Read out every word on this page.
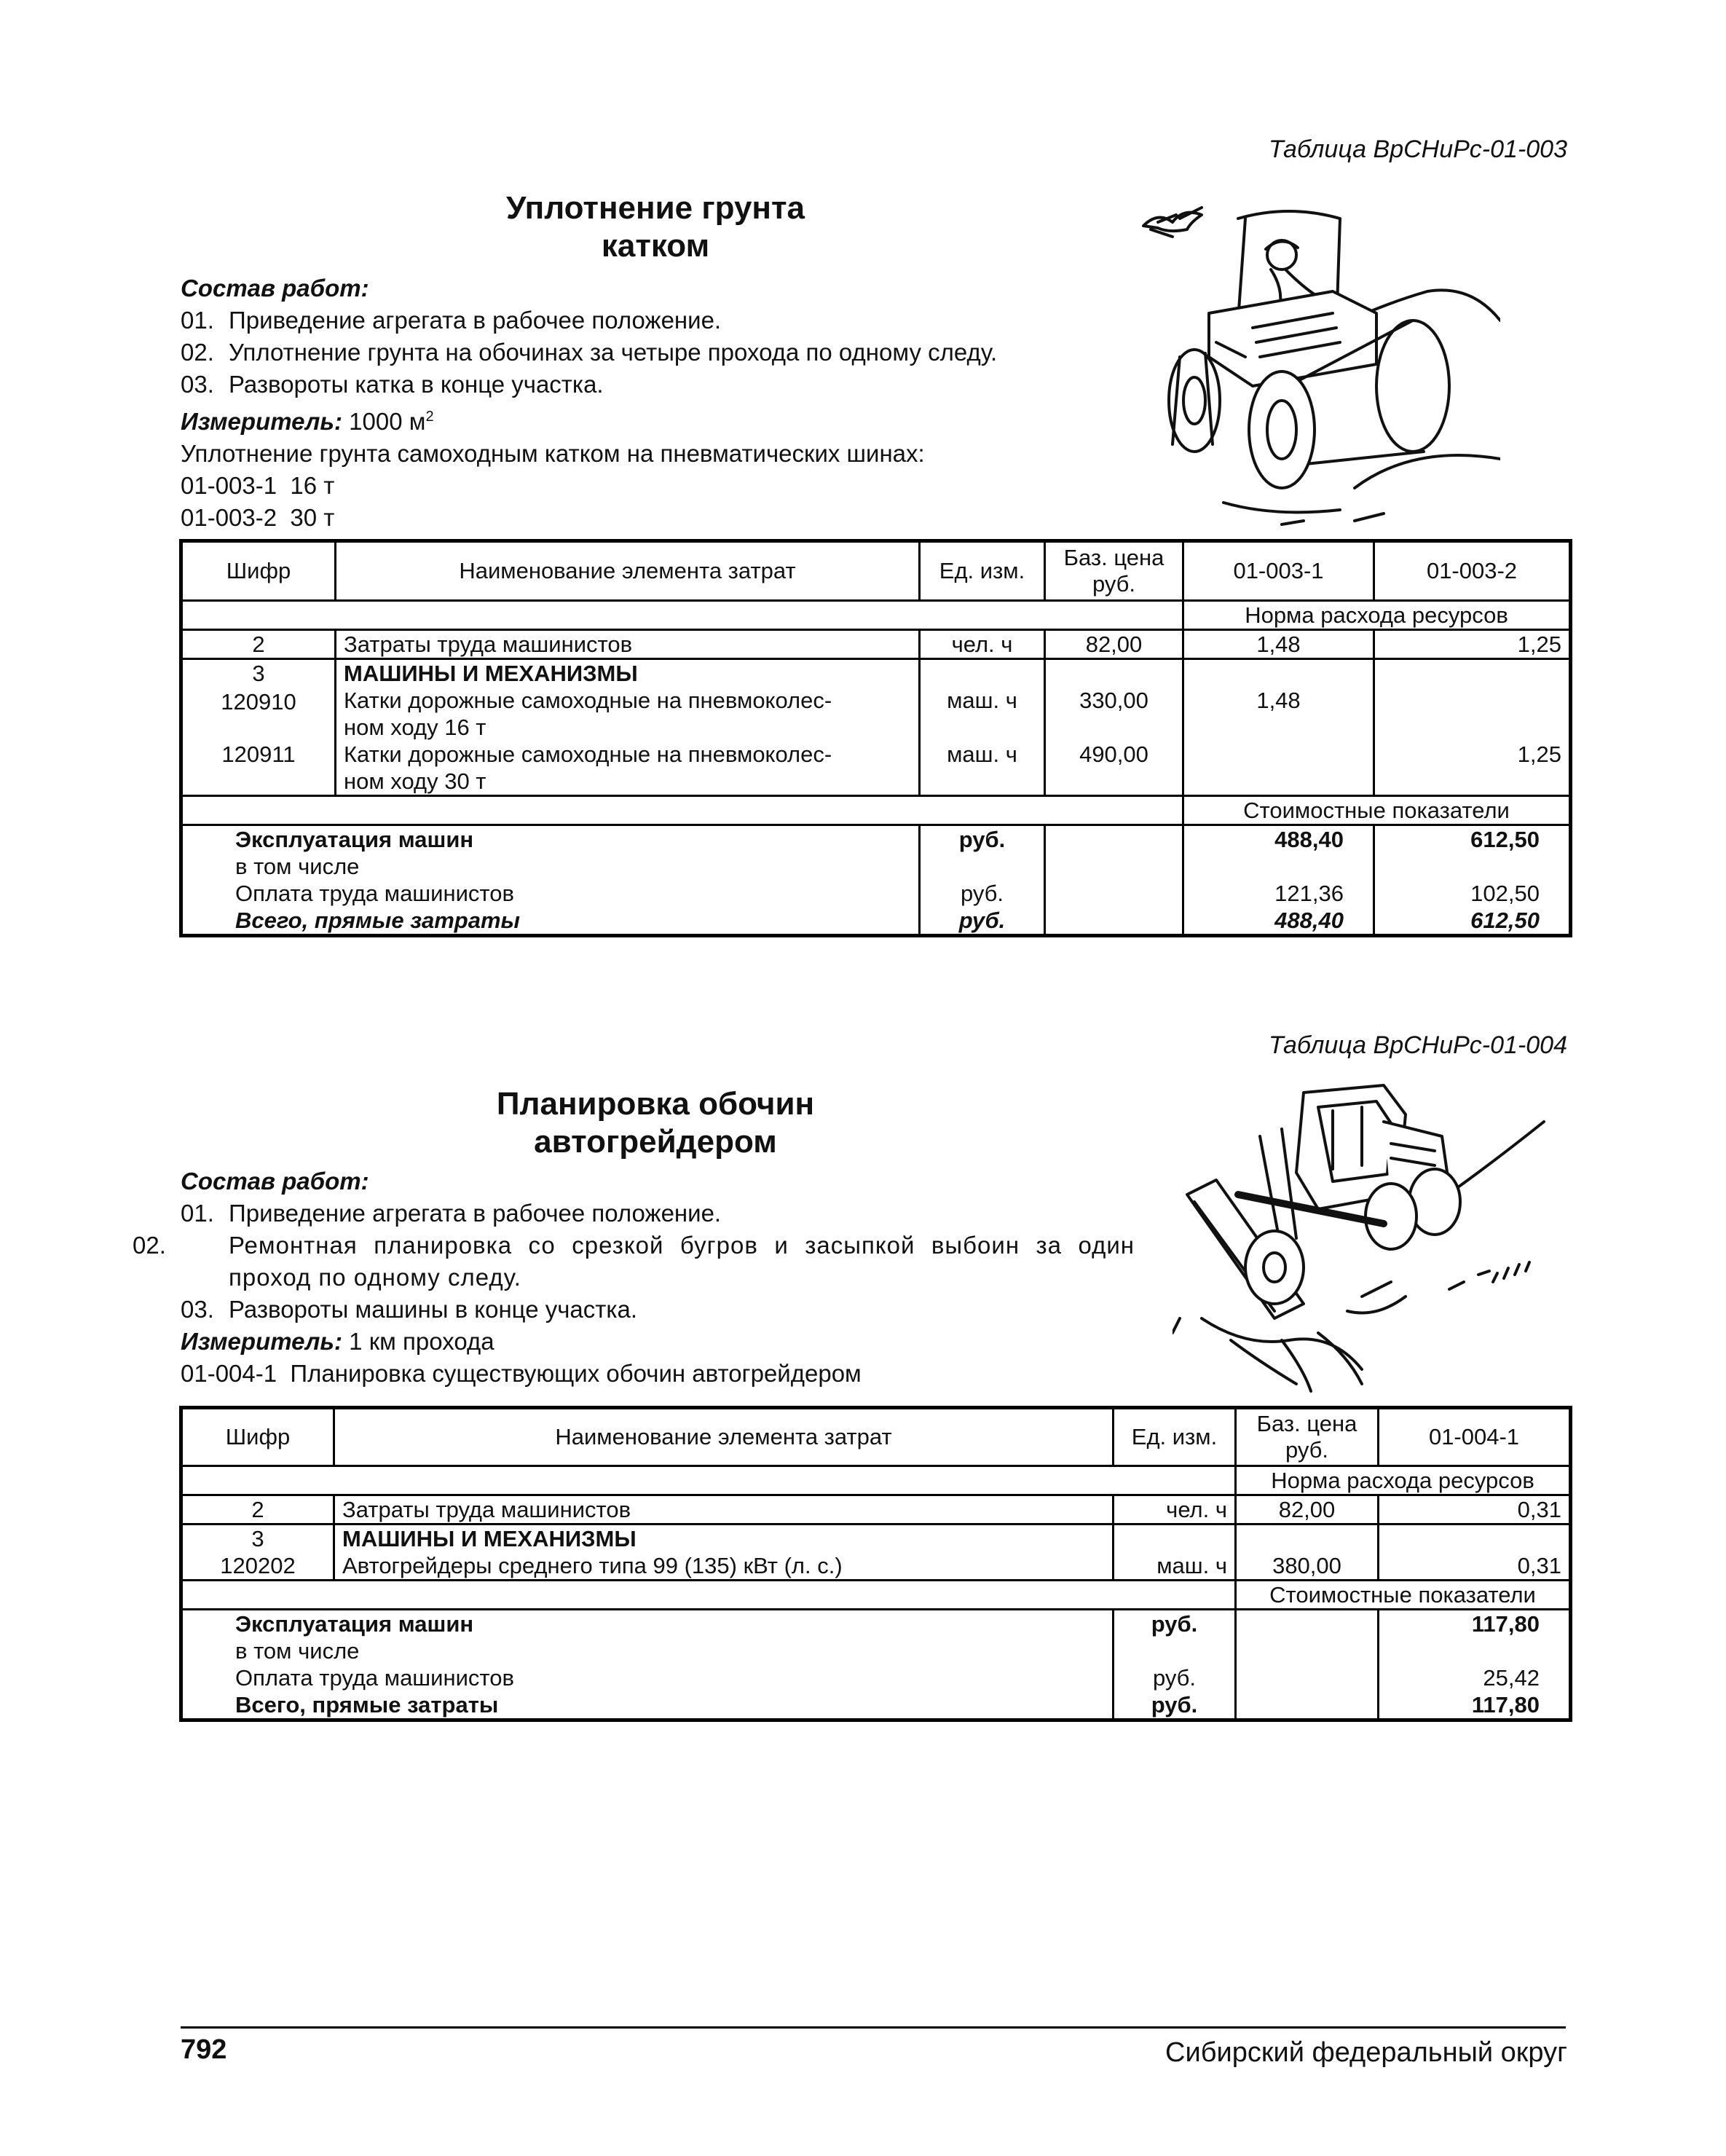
Таблица ВрСНиРс-01-003
Уплотнение грунта
катком
Состав работ:
01. Приведение агрегата в рабочее положение.
02. Уплотнение грунта на обочинах за четыре прохода по одному следу.
03. Развороты катка в конце участка.
Измеритель: 1000 $м^2$
Уплотнение грунта самоходным катком на пневматических шинах:
01-003-1  16 т
01-003-2  30 т
Шифр	Наименование элемента затрат	Ед. изм.	Баз. цена руб.	01-003-1	01-003-2
				Норма расхода ресурсов	
2	Затраты труда машинистов	чел. ч	82,00	1,48	1,25
3	МАШИНЫ И МЕХАНИЗМЫ				
120910	Катки дорожные самоходные на пневмоколес-
ном ходу 16 т	маш. ч	330,00	1,48	
120911	Катки дорожные самоходные на пневмоколес-
ном ходу 30 т	маш. ч	490,00		1,25
				Стоимостные показатели	
Эксплуатация машин		руб.		488,40	612,50
в том числе					
Оплата труда машинистов		руб.		121,36	102,50
Всего, прямые затраты		руб.		488,40	612,50
Таблица ВрСНиРс-01-004
Планировка обочин
автогрейдером
Состав работ:
01. Приведение агрегата в рабочее положение.
02.	Ремонтная планировка со срезкой бугров и засыпкой выбоин за один проход по одному следу.
03. Развороты машины в конце участка.
Измеритель: 1 км прохода
01-004-1  Планировка существующих обочин автогрейдером
Шифр	Наименование элемента затрат	Ед. изм.	Баз. цена руб.	01-004-1
			Норма расхода ресурсов	
2	Затраты труда машинистов	чел. ч	82,00	0,31
3	МАШИНЫ И МЕХАНИЗМЫ			
120202	Автогрейдеры среднего типа 99 (135) кВт (л. с.)	маш. ч	380,00	0,31
			Стоимостные показатели	
Эксплуатация машин		руб.		117,80
в том числе				
Оплата труда машинистов		руб.		25,42
Всего, прямые затраты		руб.		117,80
792	Сибирский федеральный округ
